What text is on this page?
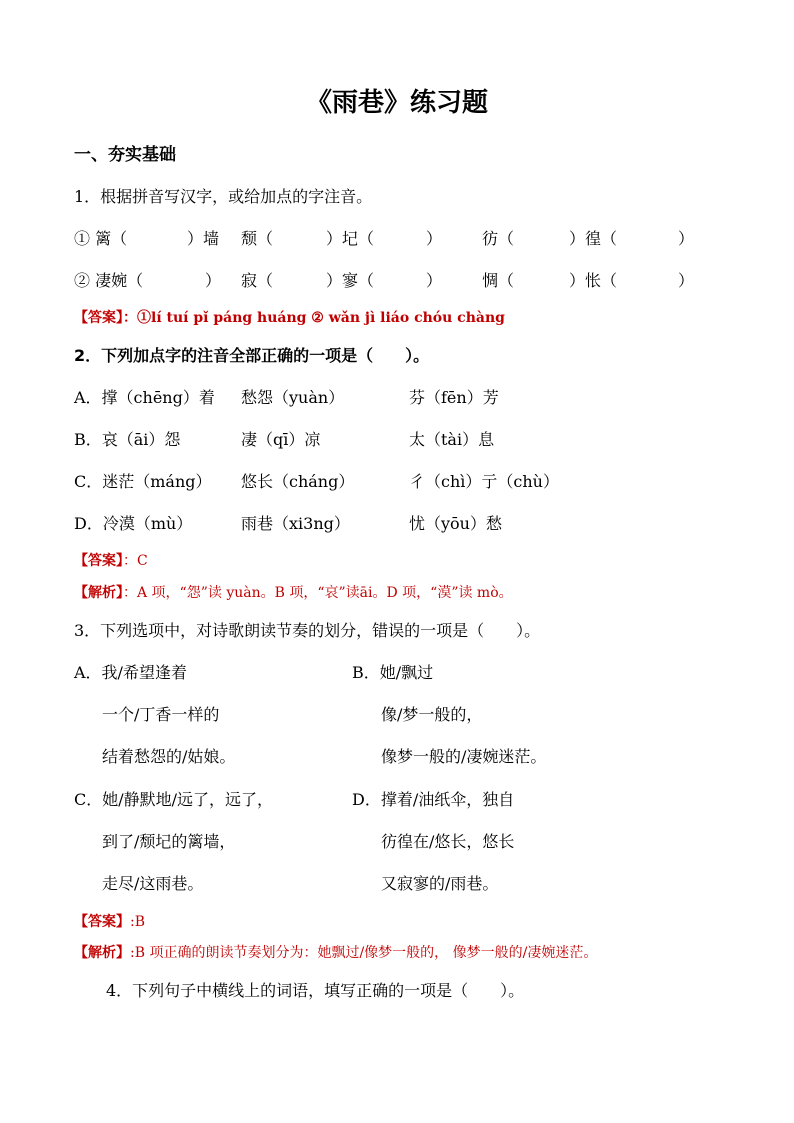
《雨巷》练习题
一、夯实基础
1．根据拼音写汉字，或给加点的字注音。
① 篱（	）墙 颓（	）圮（	） 彷（	）徨（	）
② 凄婉（	） 寂（	）寥（	） 惆（	）怅（	）
【答案】：①lí tuí pǐ páng huáng ② wǎn jì liáo chóu chàng
2．下列加点字的注音全部正确的一项是（　　）。
A．撑（chēng）着 愁怨（yuàn）	芬（fēn）芳
B．哀（āi）怨	凄（qī）凉	太（tài）息
C．迷茫（máng） 悠长（cháng）	彳（chì）亍（chù）
D．冷漠（mù）	雨巷（xi3ng）	忧（yōu）愁
【答案】：C
【解析】：A 项，“怨”读 yuàn。B 项，“哀”读āi。D 项，“漠”读 mò。
3．下列选项中，对诗歌朗读节奏的划分，错误的一项是（　　）。
A．我/希望逢着
一个/丁香一样的
结着愁怨的/姑娘。
B．她/飘过
像/梦一般的，
像梦一般的/凄婉迷茫。
C．她/静默地/远了，远了，
到了/颓圮的篱墙，
走尽/这雨巷。
D．撑着/油纸伞，独自
彷徨在/悠长，悠长
又寂寥的/雨巷。
【答案】:B
【解析】:B 项正确的朗读节奏划分为：她飘过/像梦一般的， 像梦一般的/凄婉迷茫。
4．下列句子中横线上的词语，填写正确的一项是（　　）。
